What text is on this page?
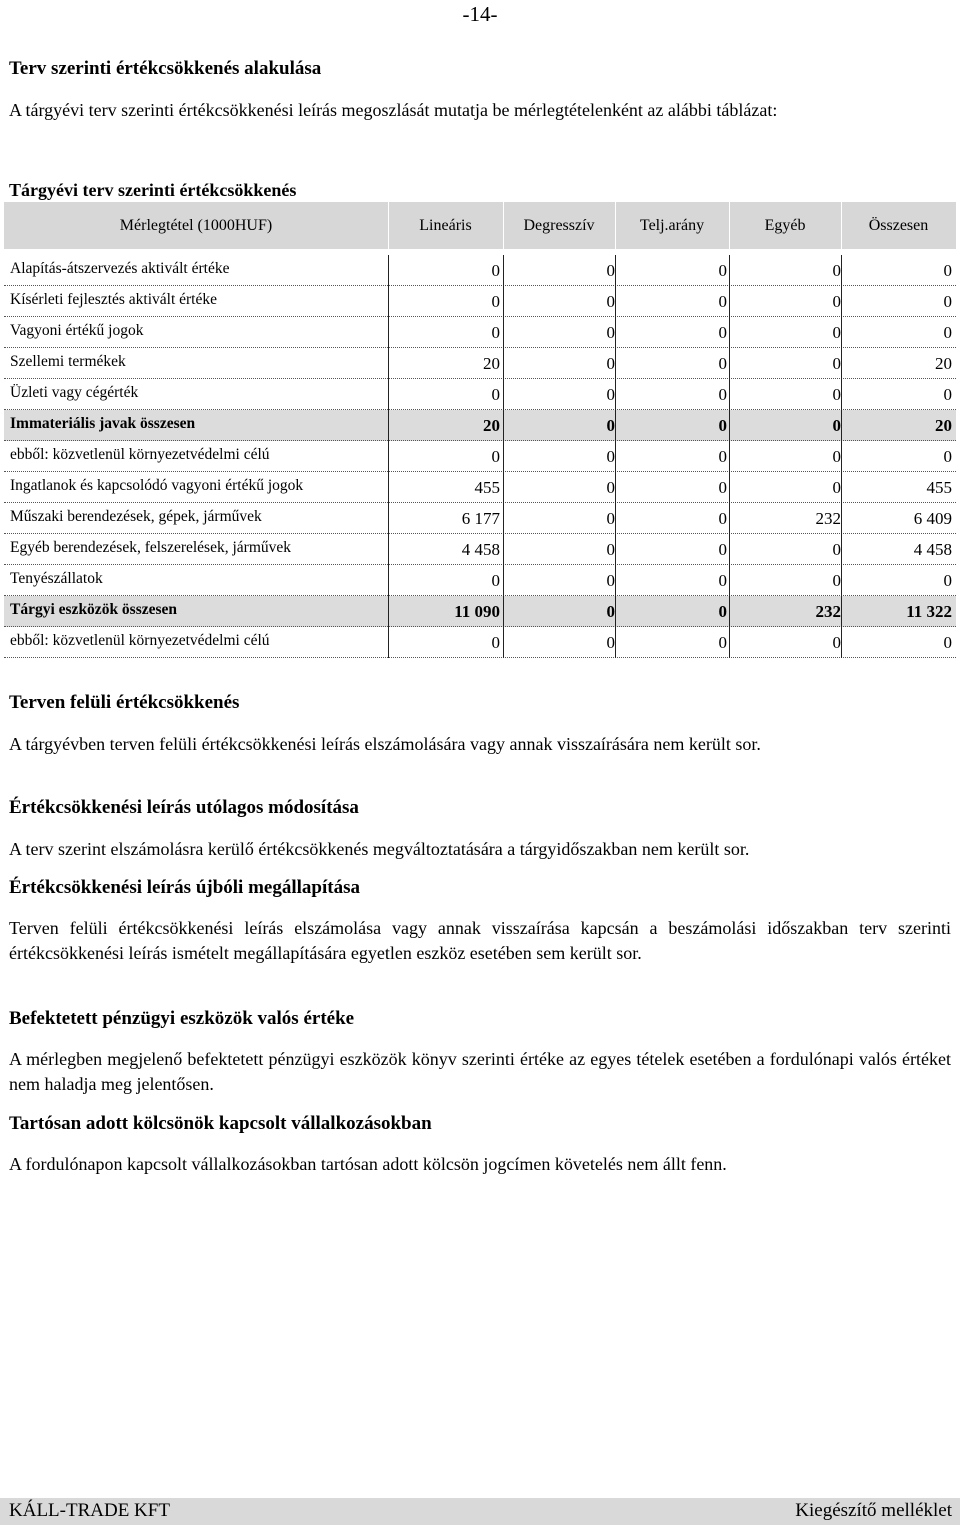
-14-
Terv szerinti értékcsökkenés alakulása

A tárgyévi terv szerinti értékcsökkenési leírás megoszlását mutatja be mérlegtételenként az alábbi táblázat:

Tárgyévi terv szerinti értékcsökkenés
Mérlegtétel (1000HUF)	Lineáris	Degresszív	Telj.arány	Egyéb	Összesen
Alapítás-átszervezés aktivált értéke	0	0	0	0	0
Kísérleti fejlesztés aktivált értéke	0	0	0	0	0
Vagyoni értékű jogok	0	0	0	0	0
Szellemi termékek	20	0	0	0	20
Üzleti vagy cégérték	0	0	0	0	0
Immateriális javak összesen	20	0	0	0	20
ebből: közvetlenül környezetvédelmi célú	0	0	0	0	0
Ingatlanok és kapcsolódó vagyoni értékű jogok	455	0	0	0	455
Műszaki berendezések, gépek, járművek	6 177	0	0	232	6 409
Egyéb berendezések, felszerelések, járművek	4 458	0	0	0	4 458
Tenyészállatok	0	0	0	0	0
Tárgyi eszközök összesen	11 090	0	0	232	11 322
ebből: közvetlenül környezetvédelmi célú	0	0	0	0	0
Terven felüli értékcsökkenés

A tárgyévben terven felüli értékcsökkenési leírás elszámolására vagy annak visszaírására nem került sor.

Értékcsökkenési leírás utólagos módosítása

A terv szerint elszámolásra kerülő értékcsökkenés megváltoztatására a tárgyidőszakban nem került sor.

Értékcsökkenési leírás újbóli megállapítása

Terven felüli értékcsökkenési leírás elszámolása vagy annak visszaírása kapcsán a beszámolási időszakban terv szerinti értékcsökkenési leírás ismételt megállapítására egyetlen eszköz esetében sem került sor.

Befektetett pénzügyi eszközök valós értéke

A mérlegben megjelenő befektetett pénzügyi eszközök könyv szerinti értéke az egyes tételek esetében a fordulónapi valós értéket nem haladja meg jelentősen.

Tartósan adott kölcsönök kapcsolt vállalkozásokban

A fordulónapon kapcsolt vállalkozásokban tartósan adott kölcsön jogcímen követelés nem állt fenn.

KÁLL-TRADE KFT	Kiegészítő melléklet
